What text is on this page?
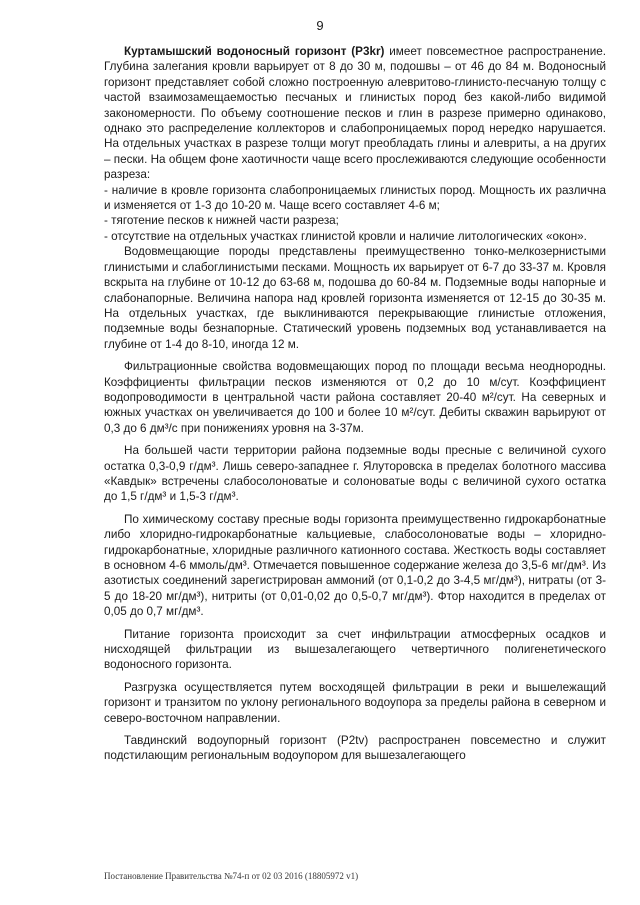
9

Куртамышский водоносный горизонт (P3kr) имеет повсеместное распространение. Глубина залегания кровли варьирует от 8 до 30 м, подошвы – от 46 до 84 м. Водоносный горизонт представляет собой сложно построенную алевритово-глинисто-песчаную толщу с частой взаимозамещаемостью песчаных и глинистых пород без какой-либо видимой закономерности. По объему соотношение песков и глин в разрезе примерно одинаково, однако это распределение коллекторов и слабопроницаемых пород нередко нарушается. На отдельных участках в разрезе толщи могут преобладать глины и алевриты, а на других – пески. На общем фоне хаотичности чаще всего прослеживаются следующие особенности разреза:

- наличие в кровле горизонта слабопроницаемых глинистых пород. Мощность их различна и изменяется от 1-3 до 10-20 м. Чаще всего составляет 4-6 м;

- тяготение песков к нижней части разреза;

- отсутствие на отдельных участках глинистой кровли и наличие литологических «окон».

Водовмещающие породы представлены преимущественно тонко-мелкозернистыми глинистыми и слабоглинистыми песками. Мощность их варьирует от 6-7 до 33-37 м. Кровля вскрыта на глубине от 10-12 до 63-68 м, подошва до 60-84 м. Подземные воды напорные и слабонапорные. Величина напора над кровлей горизонта изменяется от 12-15 до 30-35 м. На отдельных участках, где выклиниваются перекрывающие глинистые отложения, подземные воды безнапорные. Статический уровень подземных вод устанавливается на глубине от 1-4 до 8-10, иногда 12 м.

Фильтрационные свойства водовмещающих пород по площади весьма неоднородны. Коэффициенты фильтрации песков изменяются от 0,2 до 10 м/сут. Коэффициент водопроводимости в центральной части района составляет 20-40 м²/сут. На северных и южных участках он увеличивается до 100 и более 10 м²/сут. Дебиты скважин варьируют от 0,3 до 6 дм³/с при понижениях уровня на 3-37м.

На большей части территории района подземные воды пресные с величиной сухого остатка 0,3-0,9 г/дм³. Лишь северо-западнее г. Ялуторовска в пределах болотного массива «Кавдык» встречены слабосолоноватые и солоноватые воды с величиной сухого остатка до 1,5 г/дм³ и 1,5-3 г/дм³.

По химическому составу пресные воды горизонта преимущественно гидрокарбонатные либо хлоридно-гидрокарбонатные кальциевые, слабосолоноватые воды – хлоридно-гидрокарбонатные, хлоридные различного катионного состава. Жесткость воды составляет в основном 4-6 ммоль/дм³. Отмечается повышенное содержание железа до 3,5-6 мг/дм³. Из азотистых соединений зарегистрирован аммоний (от 0,1-0,2 до 3-4,5 мг/дм³), нитраты (от 3-5 до 18-20 мг/дм³), нитриты (от 0,01-0,02 до 0,5-0,7 мг/дм³). Фтор находится в пределах от 0,05 до 0,7 мг/дм³.

Питание горизонта происходит за счет инфильтрации атмосферных осадков и нисходящей фильтрации из вышезалегающего четвертичного полигенетического водоносного горизонта.

Разгрузка осуществляется путем восходящей фильтрации в реки и вышележащий горизонт и транзитом по уклону регионального водоупора за пределы района в северном и северо-восточном направлении.

Тавдинский водоупорный горизонт (P2tv) распространен повсеместно и служит подстилающим региональным водоупором для вышезалегающего

Постановление Правительства №74-п от 02 03 2016 (18805972 v1)
